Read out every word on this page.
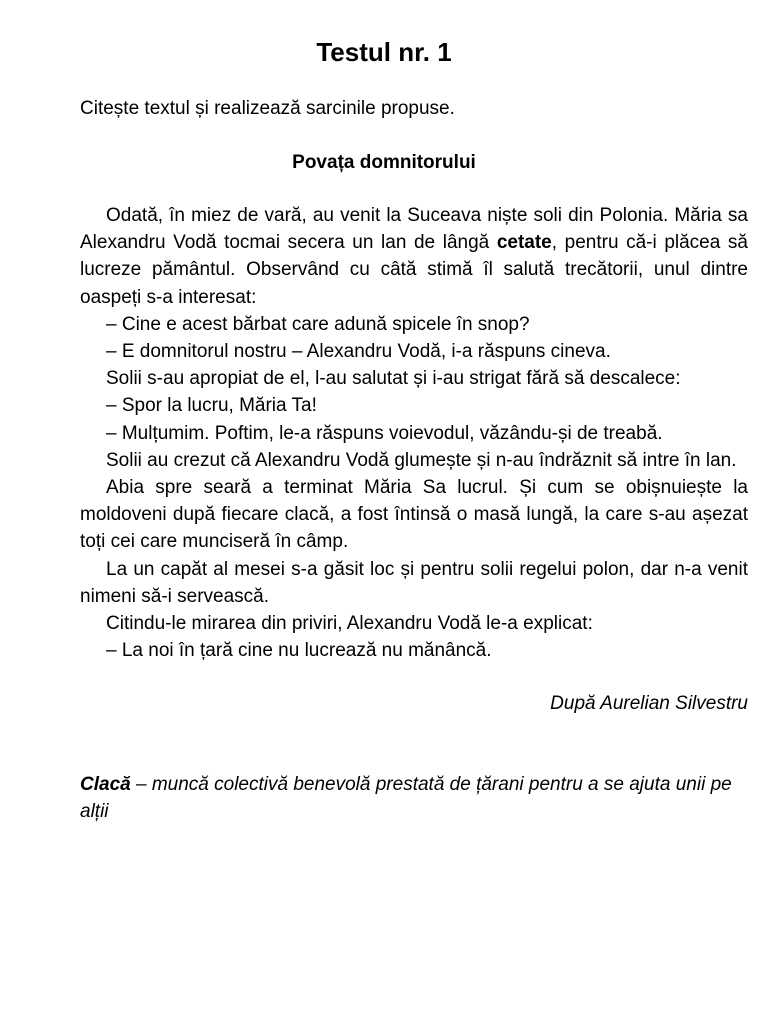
Testul nr. 1
Citește textul și realizează sarcinile propuse.
Povața domnitorului

Odată, în miez de vară, au venit la Suceava niște soli din Polonia. Măria sa Alexandru Vodă tocmai secera un lan de lângă cetate, pentru că-i plăcea să lucreze pământul. Observând cu câtă stimă îl salută trecătorii, unul dintre oaspeți s-a interesat:

– Cine e acest bărbat care adună spicele în snop?

– E domnitorul nostru – Alexandru Vodă, i-a răspuns cineva.

Solii s-au apropiat de el, l-au salutat și i-au strigat fără să descalece:

– Spor la lucru, Măria Ta!

– Mulțumim. Poftim, le-a răspuns voievodul, văzându-și de treabă.

Solii au crezut că Alexandru Vodă glumește și n-au îndrăznit să intre în lan.

Abia spre seară a terminat Măria Sa lucrul. Și cum se obișnuiește la moldoveni după fiecare clacă, a fost întinsă o masă lungă, la care s-au așezat toți cei care munciseră în câmp.

La un capăt al mesei s-a găsit loc și pentru solii regelui polon, dar n-a venit nimeni să-i servească.

Citindu-le mirarea din priviri, Alexandru Vodă le-a explicat:

– La noi în țară cine nu lucrează nu mănâncă.

După Aurelian Silvestru
Clacă – muncă colectivă benevolă prestată de țărani pentru a se ajuta unii pe alții
